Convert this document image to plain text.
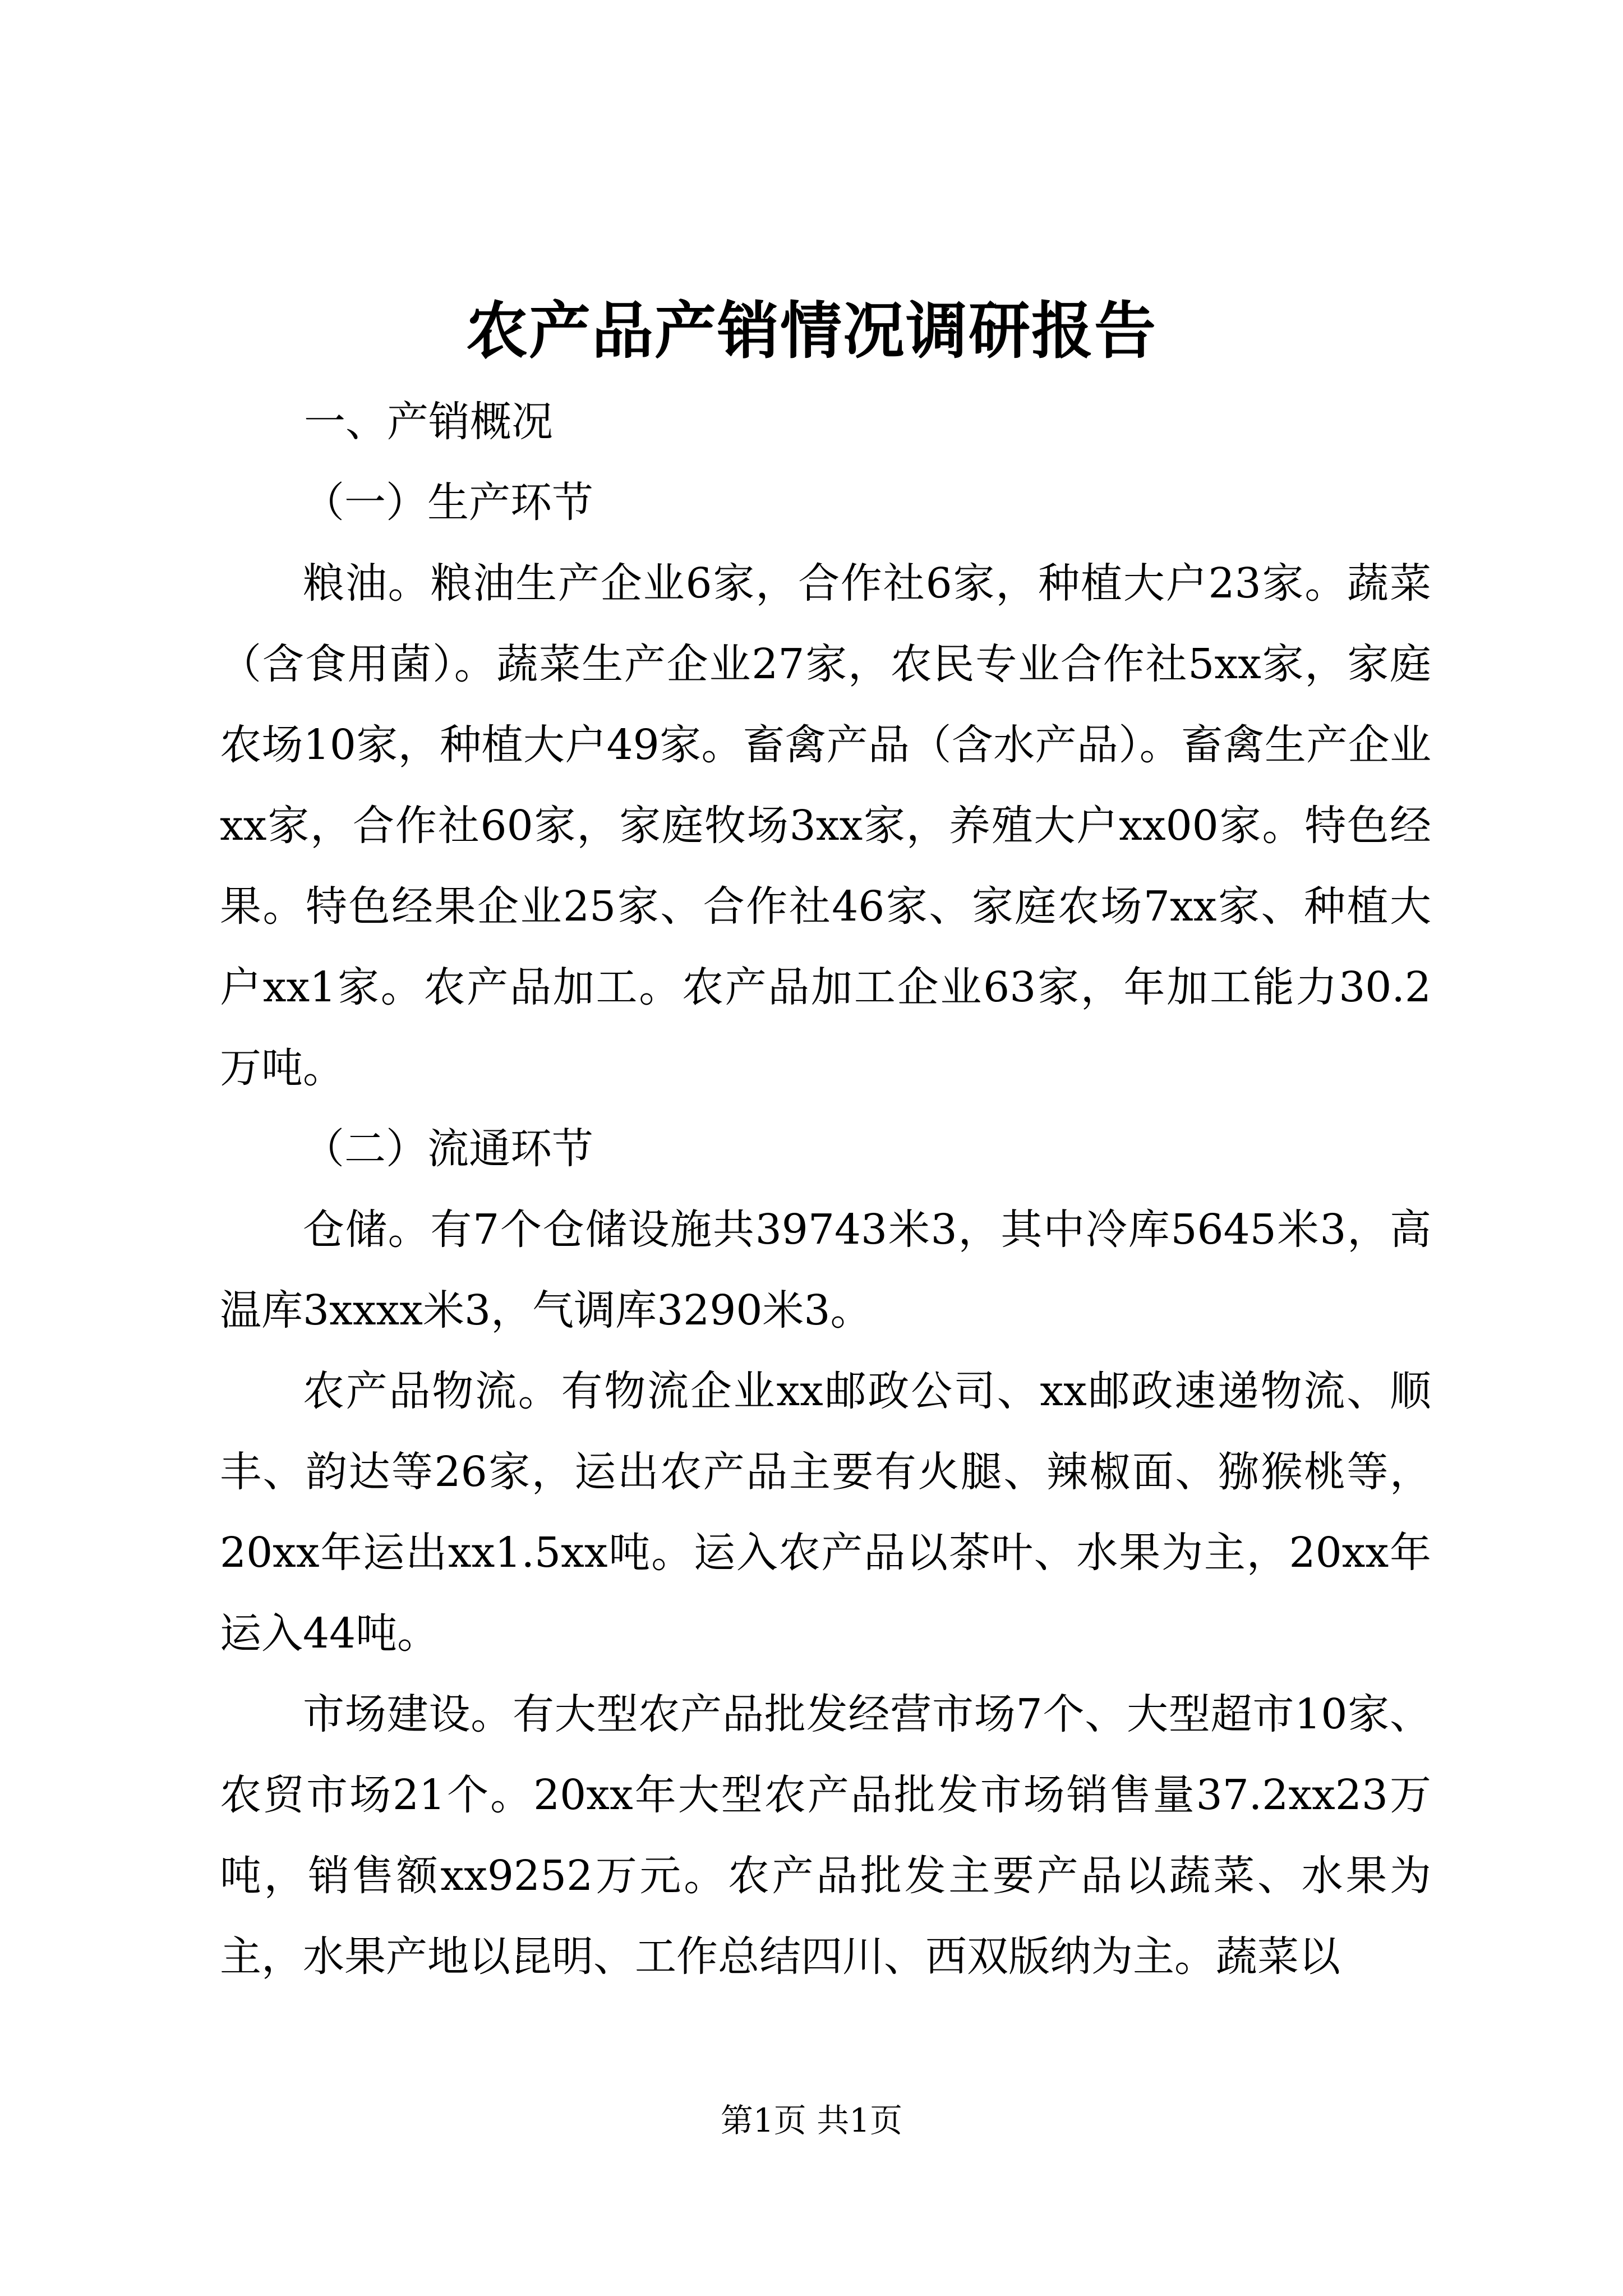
农产品产销情况调研报告

一、产销概况

（一）生产环节

粮油。粮油生产企业6家，合作社6家，种植大户23家。蔬菜（含食用菌）。蔬菜生产企业27家，农民专业合作社5xx家，家庭农场10家，种植大户49家。畜禽产品（含水产品）。畜禽生产企业xx家，合作社60家，家庭牧场3xx家，养殖大户xx00家。特色经果。特色经果企业25家、合作社46家、家庭农场7xx家、种植大户xx1家。农产品加工。农产品加工企业63家，年加工能力30.2万吨。

（二）流通环节

仓储。有7个仓储设施共39743米3，其中冷库5645米3，高温库3xxxx米3，气调库3290米3。

农产品物流。有物流企业xx邮政公司、xx邮政速递物流、顺丰、韵达等26家，运出农产品主要有火腿、辣椒面、猕猴桃等，20xx年运出xx1.5xx吨。运入农产品以茶叶、水果为主，20xx年运入44吨。

市场建设。有大型农产品批发经营市场7个、大型超市10家、农贸市场21个。20xx年大型农产品批发市场销售量37.2xx23万吨，销售额xx9252万元。农产品批发主要产品以蔬菜、水果为主，水果产地以昆明、工作总结四川、西双版纳为主。蔬菜以

第1页 共1页
